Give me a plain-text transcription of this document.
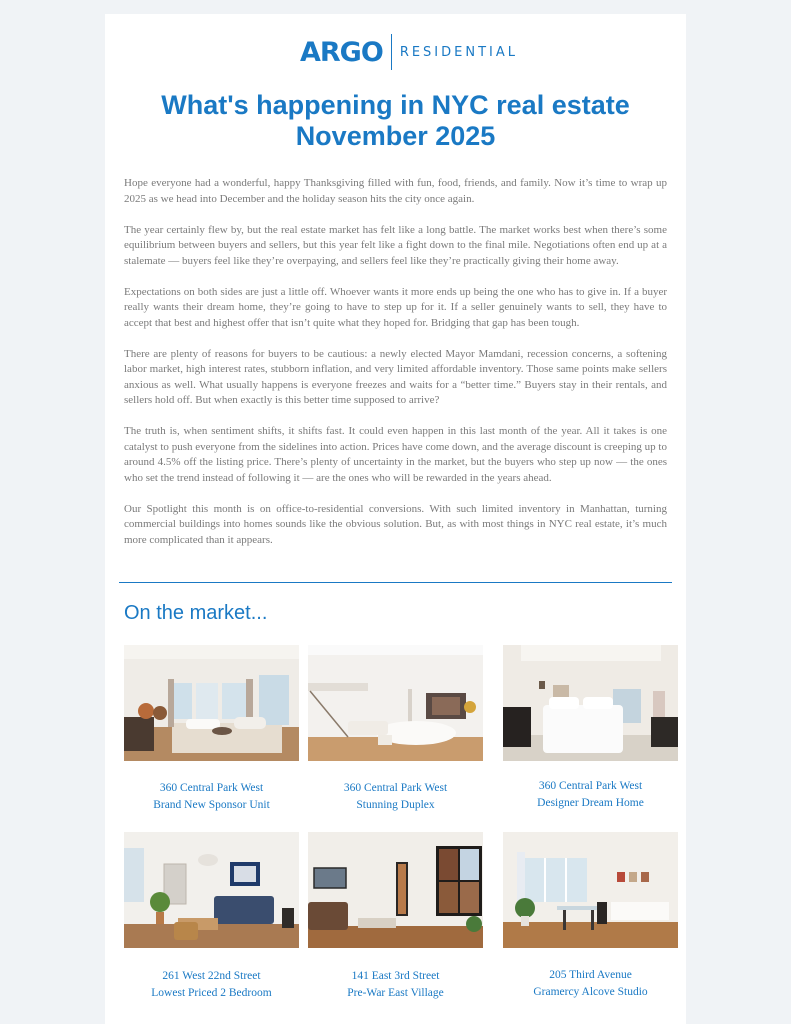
ARGO RESIDENTIAL
What's happening in NYC real estate
November 2025

Hope everyone had a wonderful, happy Thanksgiving filled with fun, food, friends, and family. Now it’s time to wrap up 2025 as we head into December and the holiday season hits the city once again.

The year certainly flew by, but the real estate market has felt like a long battle. The market works best when there’s some equilibrium between buyers and sellers, but this year felt like a fight down to the final mile. Negotiations often end up at a stalemate — buyers feel like they’re overpaying, and sellers feel like they’re practically giving their home away.

Expectations on both sides are just a little off. Whoever wants it more ends up being the one who has to give in. If a buyer really wants their dream home, they’re going to have to step up for it. If a seller genuinely wants to sell, they have to accept that best and highest offer that isn’t quite what they hoped for. Bridging that gap has been tough.

There are plenty of reasons for buyers to be cautious: a newly elected Mayor Mamdani, recession concerns, a softening labor market, high interest rates, stubborn inflation, and very limited affordable inventory. Those same points make sellers anxious as well. What usually happens is everyone freezes and waits for a “better time.” Buyers stay in their rentals, and sellers hold off. But when exactly is this better time supposed to arrive?

The truth is, when sentiment shifts, it shifts fast. It could even happen in this last month of the year. All it takes is one catalyst to push everyone from the sidelines into action. Prices have come down, and the average discount is creeping up to around 4.5% off the listing price. There’s plenty of uncertainty in the market, but the buyers who step up now — the ones who set the trend instead of following it — are the ones who will be rewarded in the years ahead.

Our Spotlight this month is on office-to-residential conversions. With such limited inventory in Manhattan, turning commercial buildings into homes sounds like the obvious solution. But, as with most things in NYC real estate, it’s much more complicated than it appears.

On the market...
360 Central Park West
Brand New Sponsor Unit
360 Central Park West
Stunning Duplex
360 Central Park West
Designer Dream Home
261 West 22nd Street
Lowest Priced 2 Bedroom
141 East 3rd Street
Pre-War East Village
205 Third Avenue
Gramercy Alcove Studio
